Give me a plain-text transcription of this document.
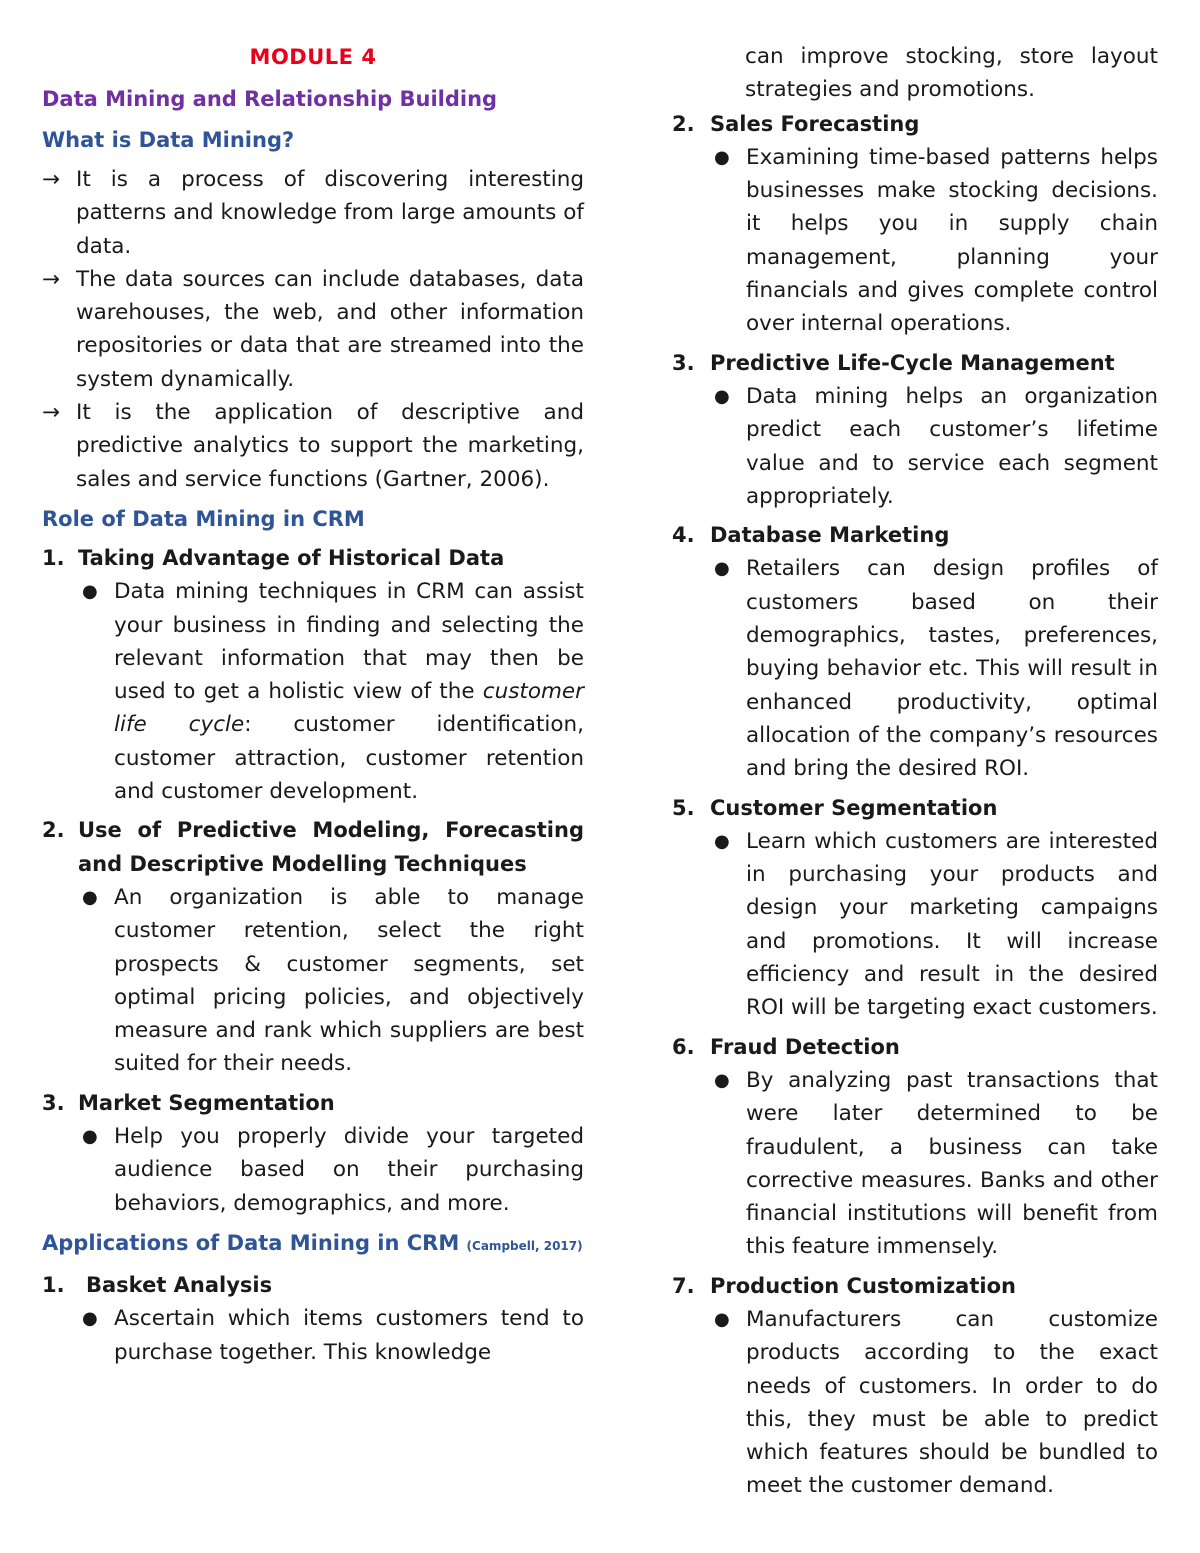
MODULE 4
Data Mining and Relationship Building
What is Data Mining?
→ It is a process of discovering interesting patterns and knowledge from large amounts of data.
→ The data sources can include databases, data warehouses, the web, and other information repositories or data that are streamed into the system dynamically.
→ It is the application of descriptive and predictive analytics to support the marketing, sales and service functions (Gartner, 2006).
Role of Data Mining in CRM
1. Taking Advantage of Historical Data
● Data mining techniques in CRM can assist your business in finding and selecting the relevant information that may then be used to get a holistic view of the customer life cycle: customer identification, customer attraction, customer retention and customer development.
2. Use of Predictive Modeling, Forecasting and Descriptive Modelling Techniques
● An organization is able to manage customer retention, select the right prospects & customer segments, set optimal pricing policies, and objectively measure and rank which suppliers are best suited for their needs.
3. Market Segmentation
● Help you properly divide your targeted audience based on their purchasing behaviors, demographics, and more.
Applications of Data Mining in CRM (Campbell, 2017)
1.	Basket Analysis
● Ascertain which items customers tend to purchase together. This knowledge

can improve stocking, store layout strategies and promotions.

2. Sales Forecasting
● Examining time-based patterns helps businesses make stocking decisions. it helps you in supply chain management, planning your financials and gives complete control over internal operations.
3. Predictive Life-Cycle Management
● Data mining helps an organization predict each customer’s lifetime value and to service each segment appropriately.
4. Database Marketing
● Retailers can design profiles of customers based on their demographics, tastes, preferences, buying behavior etc. This will result in enhanced productivity, optimal allocation of the company’s resources and bring the desired ROI.
5. Customer Segmentation
● Learn which customers are interested in purchasing your products and design your marketing campaigns and promotions. It will increase efficiency and result in the desired ROI will be targeting exact customers.
6. Fraud Detection
● By analyzing past transactions that were later determined to be fraudulent, a business can take corrective measures. Banks and other financial institutions will benefit from this feature immensely.
7. Production Customization
● Manufacturers can customize products according to the exact needs of customers. In order to do this, they must be able to predict which features should be bundled to meet the customer demand.
